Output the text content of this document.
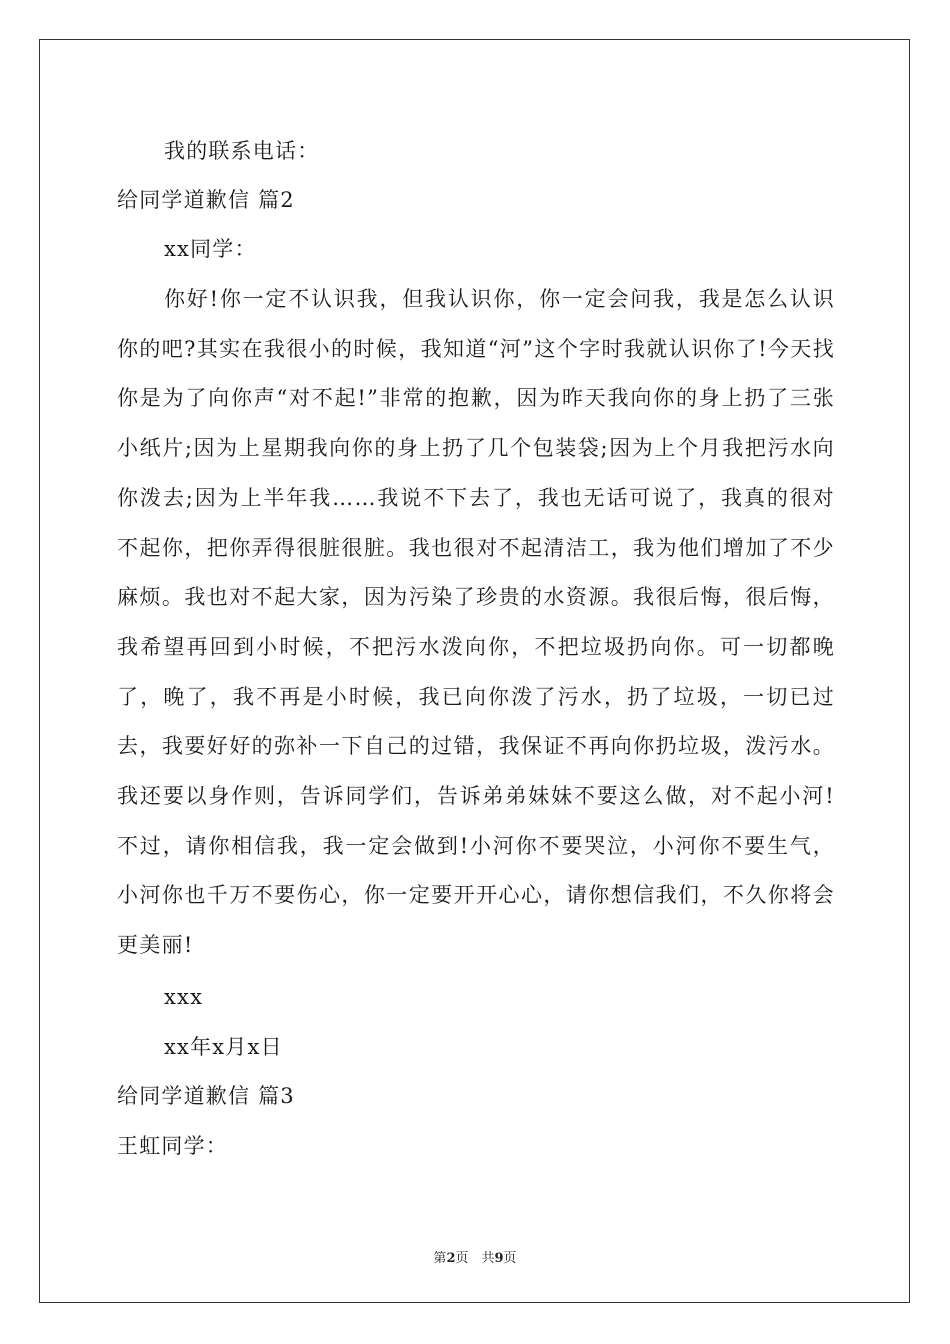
我的联系电话：
给同学道歉信 篇2
xx同学：
你好!你一定不认识我，但我认识你，你一定会问我，我是怎么认识你的吧?其实在我很小的时候，我知道“河”这个字时我就认识你了!今天找你是为了向你声“对不起!”非常的抱歉，因为昨天我向你的身上扔了三张小纸片;因为上星期我向你的身上扔了几个包装袋;因为上个月我把污水向你泼去;因为上半年我……我说不下去了，我也无话可说了，我真的很对不起你，把你弄得很脏很脏。我也很对不起清洁工，我为他们增加了不少麻烦。我也对不起大家，因为污染了珍贵的水资源。我很后悔，很后悔，我希望再回到小时候，不把污水泼向你，不把垃圾扔向你。可一切都晚了，晚了，我不再是小时候，我已向你泼了污水，扔了垃圾，一切已过去，我要好好的弥补一下自己的过错，我保证不再向你扔垃圾，泼污水。我还要以身作则，告诉同学们，告诉弟弟妹妹不要这么做，对不起小河!不过，请你相信我，我一定会做到!小河你不要哭泣，小河你不要生气，小河你也千万不要伤心，你一定要开开心心，请你想信我们，不久你将会更美丽!
xxx
xx年x月x日
给同学道歉信 篇3
王虹同学：
第2页　共9页
